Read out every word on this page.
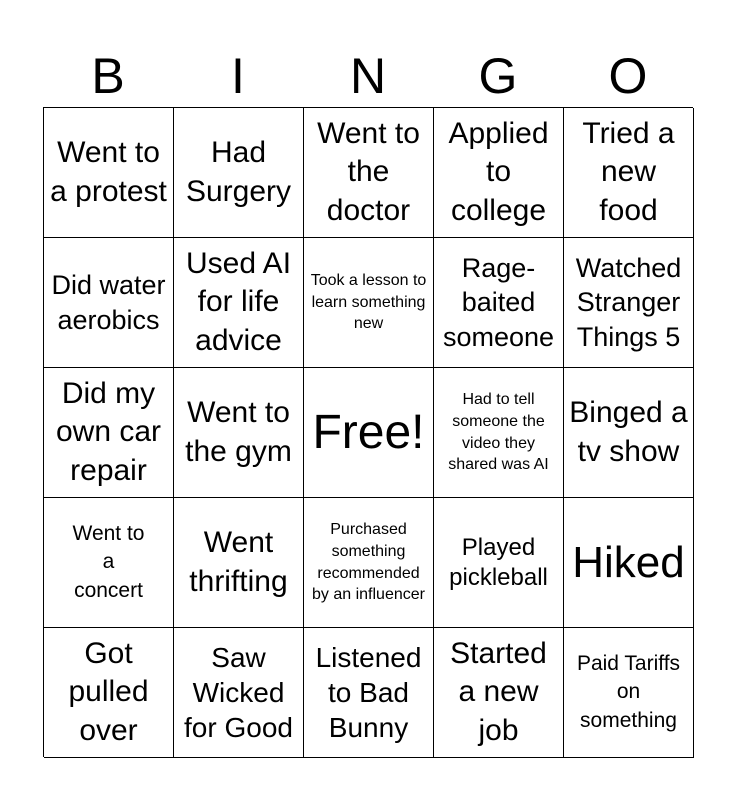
B	I	N	G	O
Went to a protest
Had Surgery
Went to the doctor
Applied to college
Tried a new food
Did water aerobics
Used AI for life advice
Took a lesson to learn something new
Rage-baited someone
Watched Stranger Things 5
Did my own car repair
Went to the gym Free!
Had to tell someone the video they shared was AI
Binged a tv show
Went to a concert
Went thrifting
Purchased something recommended by an influencer
Played pickleball Hiked
Got pulled over
Saw Wicked for Good
Listened to Bad Bunny
Started a new job
Paid Tariffs on something
